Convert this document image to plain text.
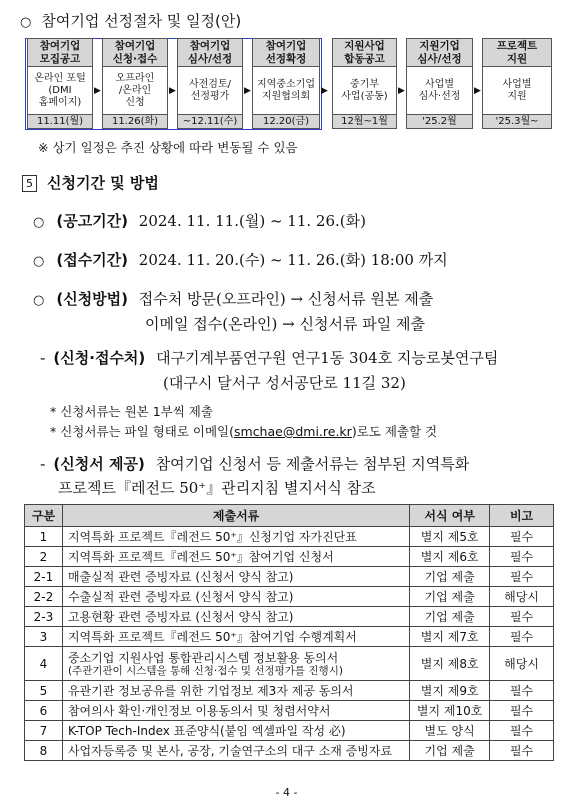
○ 참여기업 선정절차 및 일정(안)
참여기업
모집공고
온라인 포털
(DMI
홈페이지)
11.11(월)
▶
참여기업
신청·접수
오프라인
/온라인
신청
11.26(화)
▶
참여기업
심사/선정
사전검토/
선정평가
~12.11(수)
▶
참여기업
선정확정
지역중소기업
지원협의회
12.20(금)
▶
지원사업
합동공고
중기부
사업(공동)
12월~1월
▶
지원기업
심사/선정
사업별
심사·선정
'25.2월
▶
프로젝트
지원
사업별
지원
'25.3월~
※ 상기 일정은 추진 상황에 따라 변동될 수 있음
5 신청기간 및 방법
○ (공고기간) 2024. 11. 11.(월) ~ 11. 26.(화)
○ (접수기간) 2024. 11. 20.(수) ~ 11. 26.(화) 18:00 까지
○ (신청방법) 접수처 방문(오프라인) → 신청서류 원본 제출
이메일 접수(온라인) → 신청서류 파일 제출
- (신청·접수처) 대구기계부품연구원 연구1동 304호 지능로봇연구팀
(대구시 달서구 성서공단로 11길 32)
* 신청서류는 원본 1부씩 제출
* 신청서류는 파일 형태로 이메일(smchae@dmi.re.kr)로도 제출할 것
- (신청서 제공) 참여기업 신청서 등 제출서류는 첨부된 지역특화
프로젝트『레전드 50⁺』관리지침 별지서식 참조
구분	제출서류	서식 여부	비고
1	지역특화 프로젝트『레전드 50⁺』신청기업 자가진단표	별지 제5호	필수
2	지역특화 프로젝트『레전드 50⁺』참여기업 신청서	별지 제6호	필수
2-1	매출실적 관련 증빙자료 (신청서 양식 참고)	기업 제출	필수
2-2	수출실적 관련 증빙자료 (신청서 양식 참고)	기업 제출	해당시
2-3	고용현황 관련 증빙자료 (신청서 양식 참고)	기업 제출	필수
3	지역특화 프로젝트『레전드 50⁺』참여기업 수행계획서	별지 제7호	필수
4	중소기업 지원사업 통합관리시스템 정보활용 동의서
(주관기관이 시스템을 통해 신청·접수 및 선정평가를 진행시)	별지 제8호	해당시
5	유관기관 정보공유를 위한 기업정보 제3자 제공 동의서	별지 제9호	필수
6	참여의사 확인·개인정보 이용동의서 및 청렴서약서	별지 제10호	필수
7	K-TOP Tech-Index 표준양식(붙임 엑셀파일 작성 必)	별도 양식	필수
8	사업자등록증 및 본사, 공장, 기술연구소의 대구 소재 증빙자료	기업 제출	필수
- 4 -
